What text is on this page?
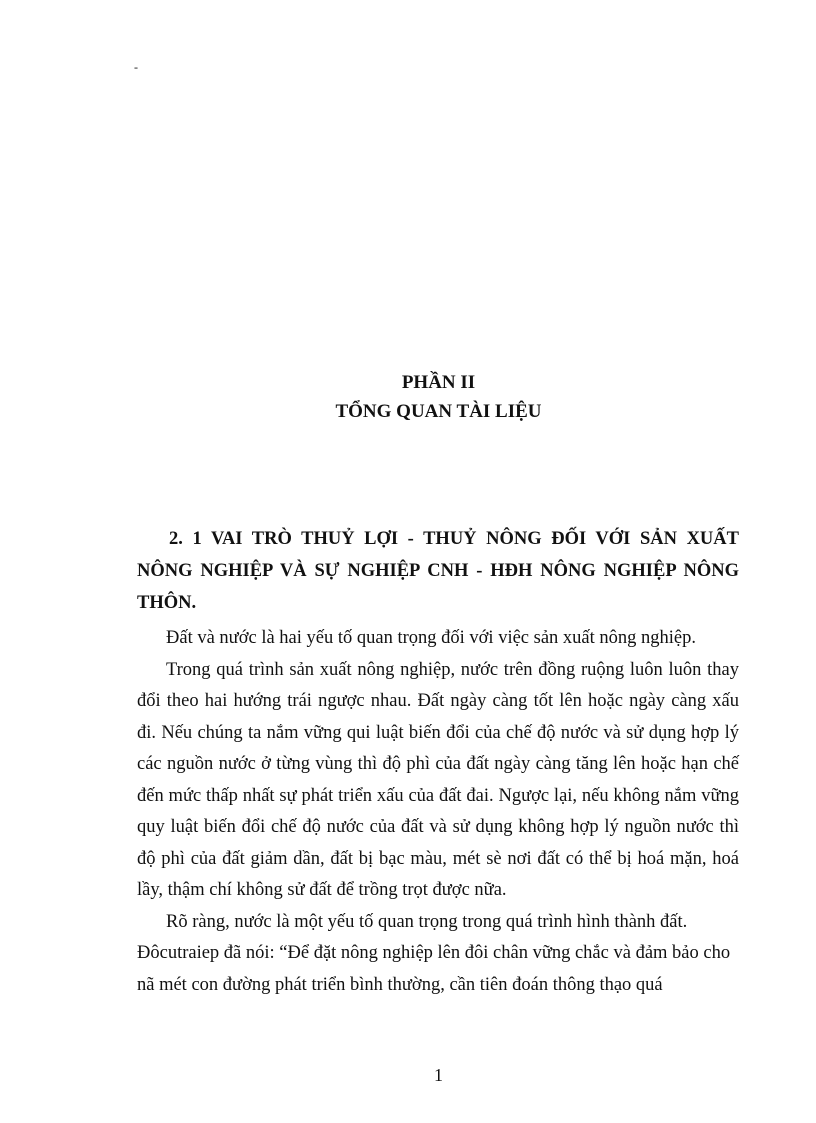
-
PHẦN II
TỔNG QUAN TÀI LIỆU
2. 1 VAI TRÒ THUỶ LỢI - THUỶ NÔNG ĐỐI VỚI SẢN XUẤT NÔNG NGHIỆP VÀ SỰ NGHIỆP CNH - HĐH NÔNG NGHIỆP NÔNG THÔN.

Đất và nước là hai yếu tố quan trọng đối với việc sản xuất nông nghiệp.

Trong quá trình sản xuất nông nghiệp, nước trên đồng ruộng luôn luôn thay đổi theo hai hướng trái ngược nhau. Đất ngày càng tốt lên hoặc ngày càng xấu đi. Nếu chúng ta nắm vững qui luật biến đổi của chế độ nước và sử dụng hợp lý các nguồn nước ở từng vùng thì độ phì của đất ngày càng tăng lên hoặc hạn chế đến mức thấp nhất sự phát triển xấu của đất đai. Ngược lại, nếu không nắm vững quy luật biến đổi chế độ nước của đất và sử dụng không hợp lý nguồn nước thì độ phì của đất giảm dần, đất bị bạc màu, mét sè nơi đất có thể bị hoá mặn, hoá lầy, thậm chí không sử đất để trồng trọt được nữa.

Rõ ràng, nước là một yếu tố quan trọng trong quá trình hình thành đất. Đôcutraiep đã nói: “Để đặt nông nghiệp lên đôi chân vững chắc và đảm bảo cho nã mét con đường phát triển bình thường, cần tiên đoán thông thạo quá

1
